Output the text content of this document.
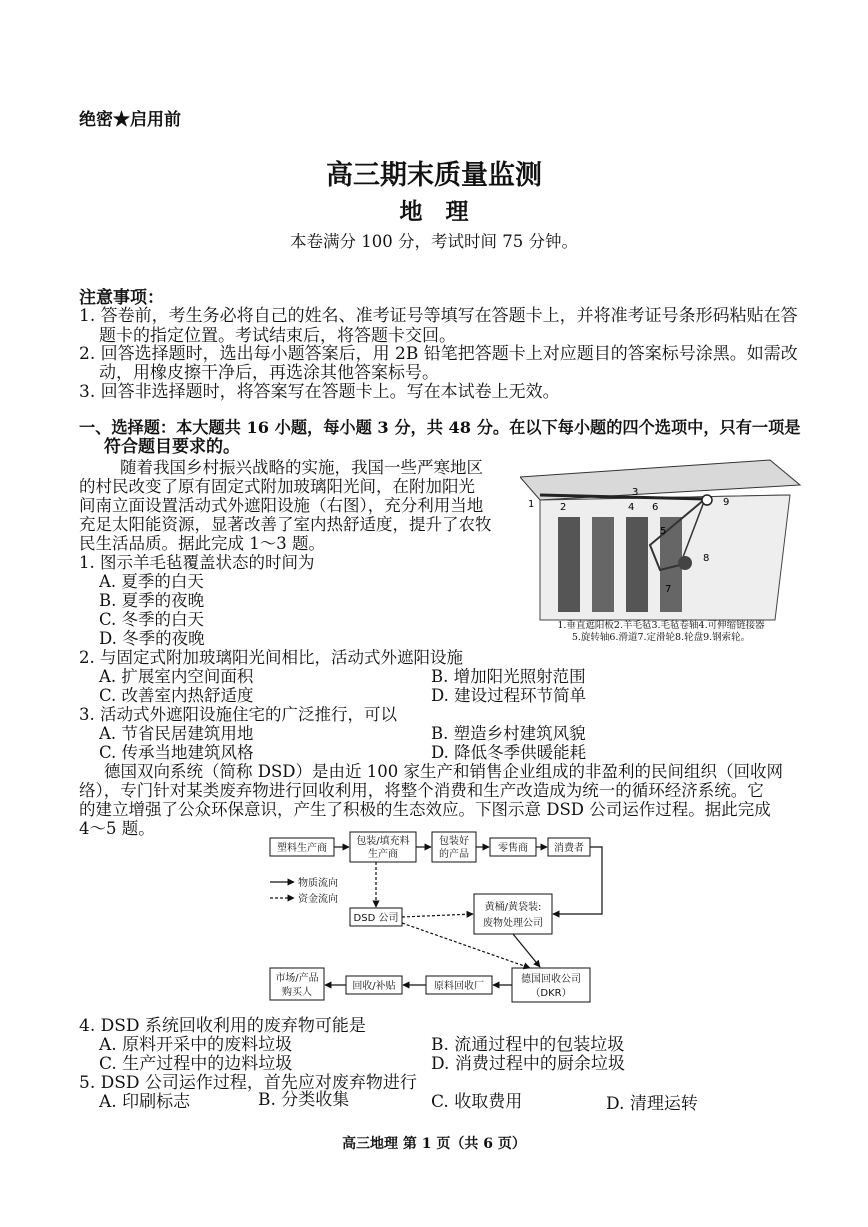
绝密★启用前
高三期末质量监测
地　理
本卷满分 100 分，考试时间 75 分钟。
注意事项：
1. 答卷前，考生务必将自己的姓名、准考证号等填写在答题卡上，并将准考证号条形码粘贴在答
题卡的指定位置。考试结束后，将答题卡交回。
2. 回答选择题时，选出每小题答案后，用 2B 铅笔把答题卡上对应题目的答案标号涂黑。如需改
动，用橡皮擦干净后，再选涂其他答案标号。
3. 回答非选择题时，将答案写在答题卡上。写在本试卷上无效。
一、选择题：本大题共 16 小题，每小题 3 分，共 48 分。在以下每小题的四个选项中，只有一项是
符合题目要求的。
随着我国乡村振兴战略的实施，我国一些严寒地区
的村民改变了原有固定式附加玻璃阳光间，在附加阳光
间南立面设置活动式外遮阳设施（右图），充分利用当地
充足太阳能资源，显著改善了室内热舒适度，提升了农牧
民生活品质。据此完成 1～3 题。
2
3
4
5
6
7
8
9
1
1.垂直遮阳板2.羊毛毡3.毛毡卷轴4.可伸缩链接器
5.旋转轴6.滑道7.定滑轮8.轮盘9.钢索轮。
1. 图示羊毛毡覆盖状态的时间为
A. 夏季的白天
B. 夏季的夜晚
C. 冬季的白天
D. 冬季的夜晚
2. 与固定式附加玻璃阳光间相比，活动式外遮阳设施
A. 扩展室内空间面积	B. 增加阳光照射范围
C. 改善室内热舒适度	D. 建设过程环节简单
3. 活动式外遮阳设施住宅的广泛推行，可以
A. 节省民居建筑用地	B. 塑造乡村建筑风貌
C. 传承当地建筑风格	D. 降低冬季供暖能耗
德国双向系统（简称 DSD）是由近 100 家生产和销售企业组成的非盈利的民间组织（回收网
络），专门针对某类废弃物进行回收利用，将整个消费和生产改造成为统一的循环经济系统。它
的建立增强了公众环保意识，产生了积极的生态效应。下图示意 DSD 公司运作过程。据此完成
4～5 题。
塑料生产商
包装/填充料
生产商
包装好
的产品
零售商	消费者
物质流向
资金流向
DSD 公司
黄桶/黄袋装:
废物处理公司
市场/产品
购买人
回收/补贴	原料回收厂
德国回收公司
（DKR）
4. DSD 系统回收利用的废弃物可能是
A. 原料开采中的废料垃圾	B. 流通过程中的包装垃圾
C. 生产过程中的边料垃圾	D. 消费过程中的厨余垃圾
5. DSD 公司运作过程，首先应对废弃物进行
A. 印刷标志	B. 分类收集	C. 收取费用	D. 清理运转
高三地理 第 1 页（共 6 页）
